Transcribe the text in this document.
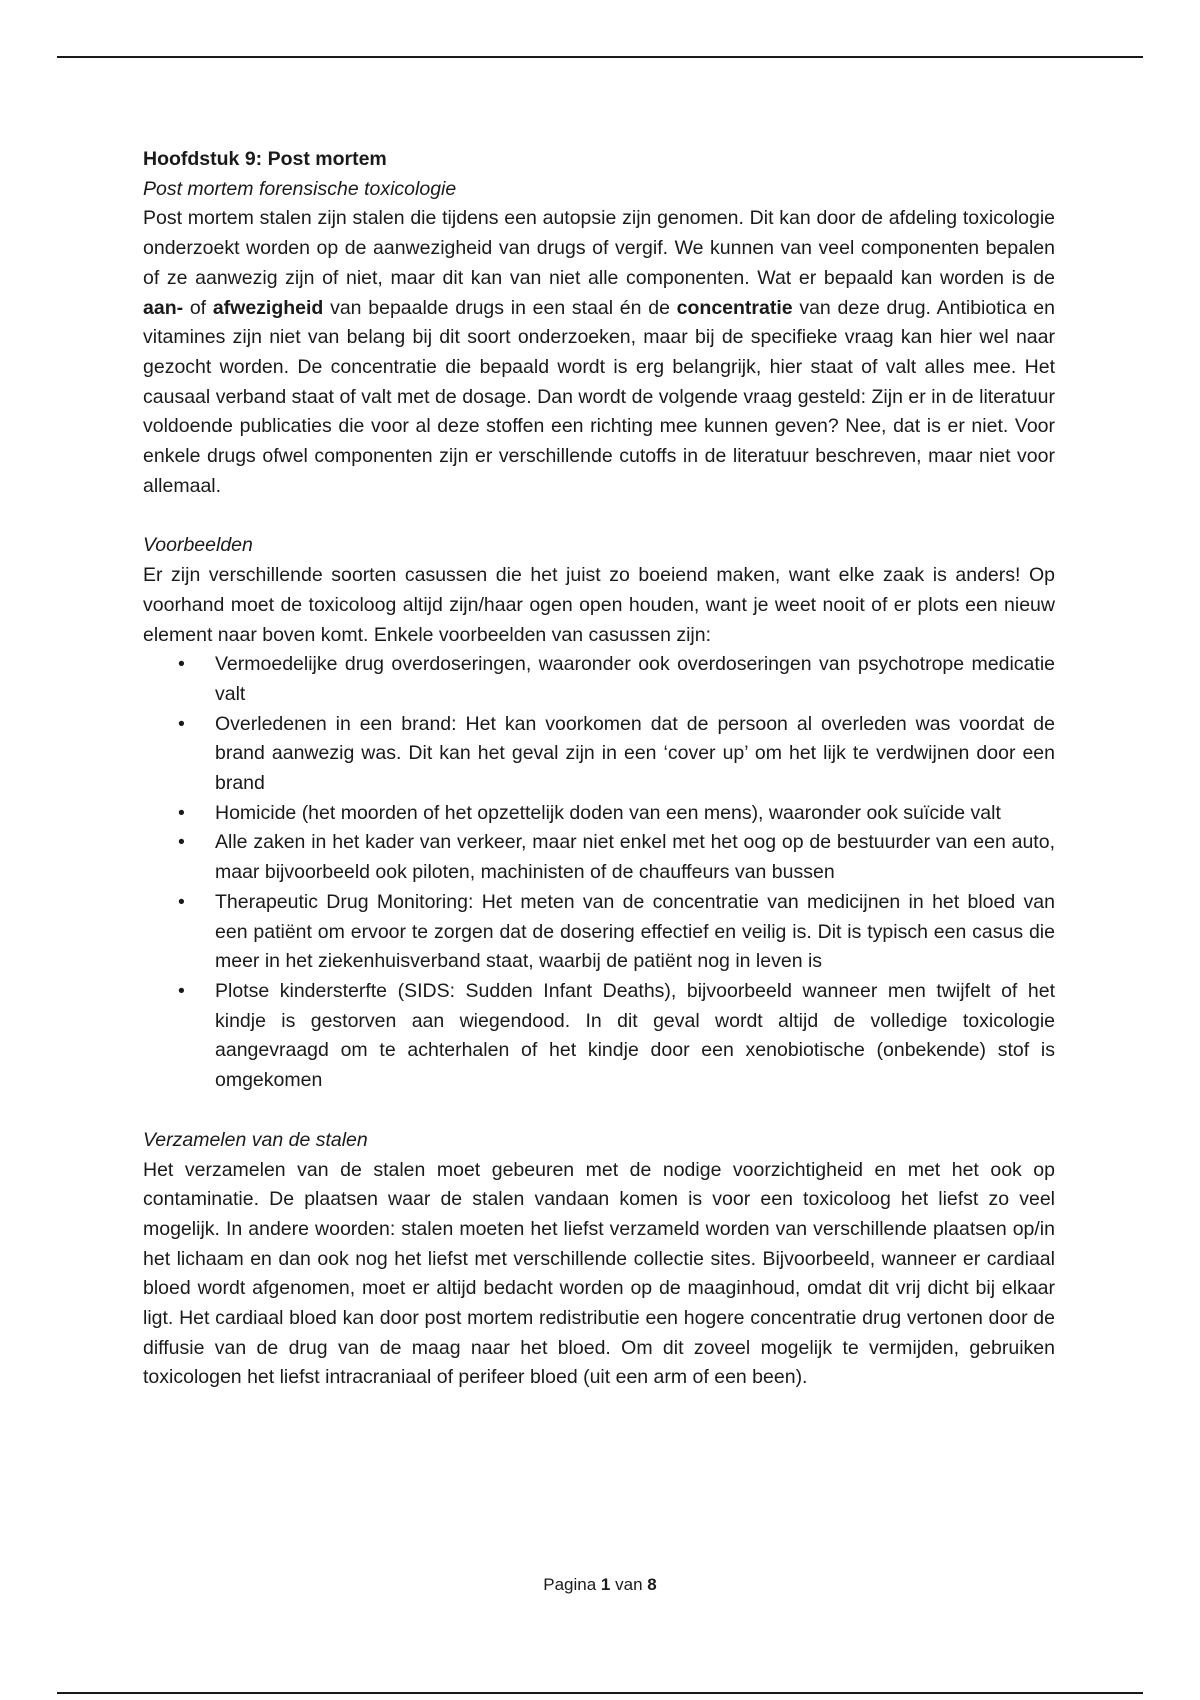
Hoofdstuk 9: Post mortem

Post mortem forensische toxicologie

Post mortem stalen zijn stalen die tijdens een autopsie zijn genomen. Dit kan door de afdeling toxicologie onderzoekt worden op de aanwezigheid van drugs of vergif. We kunnen van veel componenten bepalen of ze aanwezig zijn of niet, maar dit kan van niet alle componenten. Wat er bepaald kan worden is de aan- of afwezigheid van bepaalde drugs in een staal én de concentratie van deze drug. Antibiotica en vitamines zijn niet van belang bij dit soort onderzoeken, maar bij de specifieke vraag kan hier wel naar gezocht worden. De concentratie die bepaald wordt is erg belangrijk, hier staat of valt alles mee. Het causaal verband staat of valt met de dosage. Dan wordt de volgende vraag gesteld: Zijn er in de literatuur voldoende publicaties die voor al deze stoffen een richting mee kunnen geven? Nee, dat is er niet. Voor enkele drugs ofwel componenten zijn er verschillende cutoffs in de literatuur beschreven, maar niet voor allemaal.

Voorbeelden

Er zijn verschillende soorten casussen die het juist zo boeiend maken, want elke zaak is anders! Op voorhand moet de toxicoloog altijd zijn/haar ogen open houden, want je weet nooit of er plots een nieuw element naar boven komt. Enkele voorbeelden van casussen zijn:

• Vermoedelijke drug overdoseringen, waaronder ook overdoseringen van psychotrope medicatie valt
• Overledenen in een brand: Het kan voorkomen dat de persoon al overleden was voordat de brand aanwezig was. Dit kan het geval zijn in een ‘cover up’ om het lijk te verdwijnen door een brand
• Homicide (het moorden of het opzettelijk doden van een mens), waaronder ook suïcide valt
• Alle zaken in het kader van verkeer, maar niet enkel met het oog op de bestuurder van een auto, maar bijvoorbeeld ook piloten, machinisten of de chauffeurs van bussen
• Therapeutic Drug Monitoring: Het meten van de concentratie van medicijnen in het bloed van een patiënt om ervoor te zorgen dat de dosering effectief en veilig is. Dit is typisch een casus die meer in het ziekenhuisverband staat, waarbij de patiënt nog in leven is
• Plotse kindersterfte (SIDS: Sudden Infant Deaths), bijvoorbeeld wanneer men twijfelt of het kindje is gestorven aan wiegendood. In dit geval wordt altijd de volledige toxicologie aangevraagd om te achterhalen of het kindje door een xenobiotische (onbekende) stof is omgekomen

Verzamelen van de stalen

Het verzamelen van de stalen moet gebeuren met de nodige voorzichtigheid en met het ook op contaminatie. De plaatsen waar de stalen vandaan komen is voor een toxicoloog het liefst zo veel mogelijk. In andere woorden: stalen moeten het liefst verzameld worden van verschillende plaatsen op/in het lichaam en dan ook nog het liefst met verschillende collectie sites. Bijvoorbeeld, wanneer er cardiaal bloed wordt afgenomen, moet er altijd bedacht worden op de maaginhoud, omdat dit vrij dicht bij elkaar ligt. Het cardiaal bloed kan door post mortem redistributie een hogere concentratie drug vertonen door de diffusie van de drug van de maag naar het bloed. Om dit zoveel mogelijk te vermijden, gebruiken toxicologen het liefst intracraniaal of perifeer bloed (uit een arm of een been).

Pagina 1 van 8
